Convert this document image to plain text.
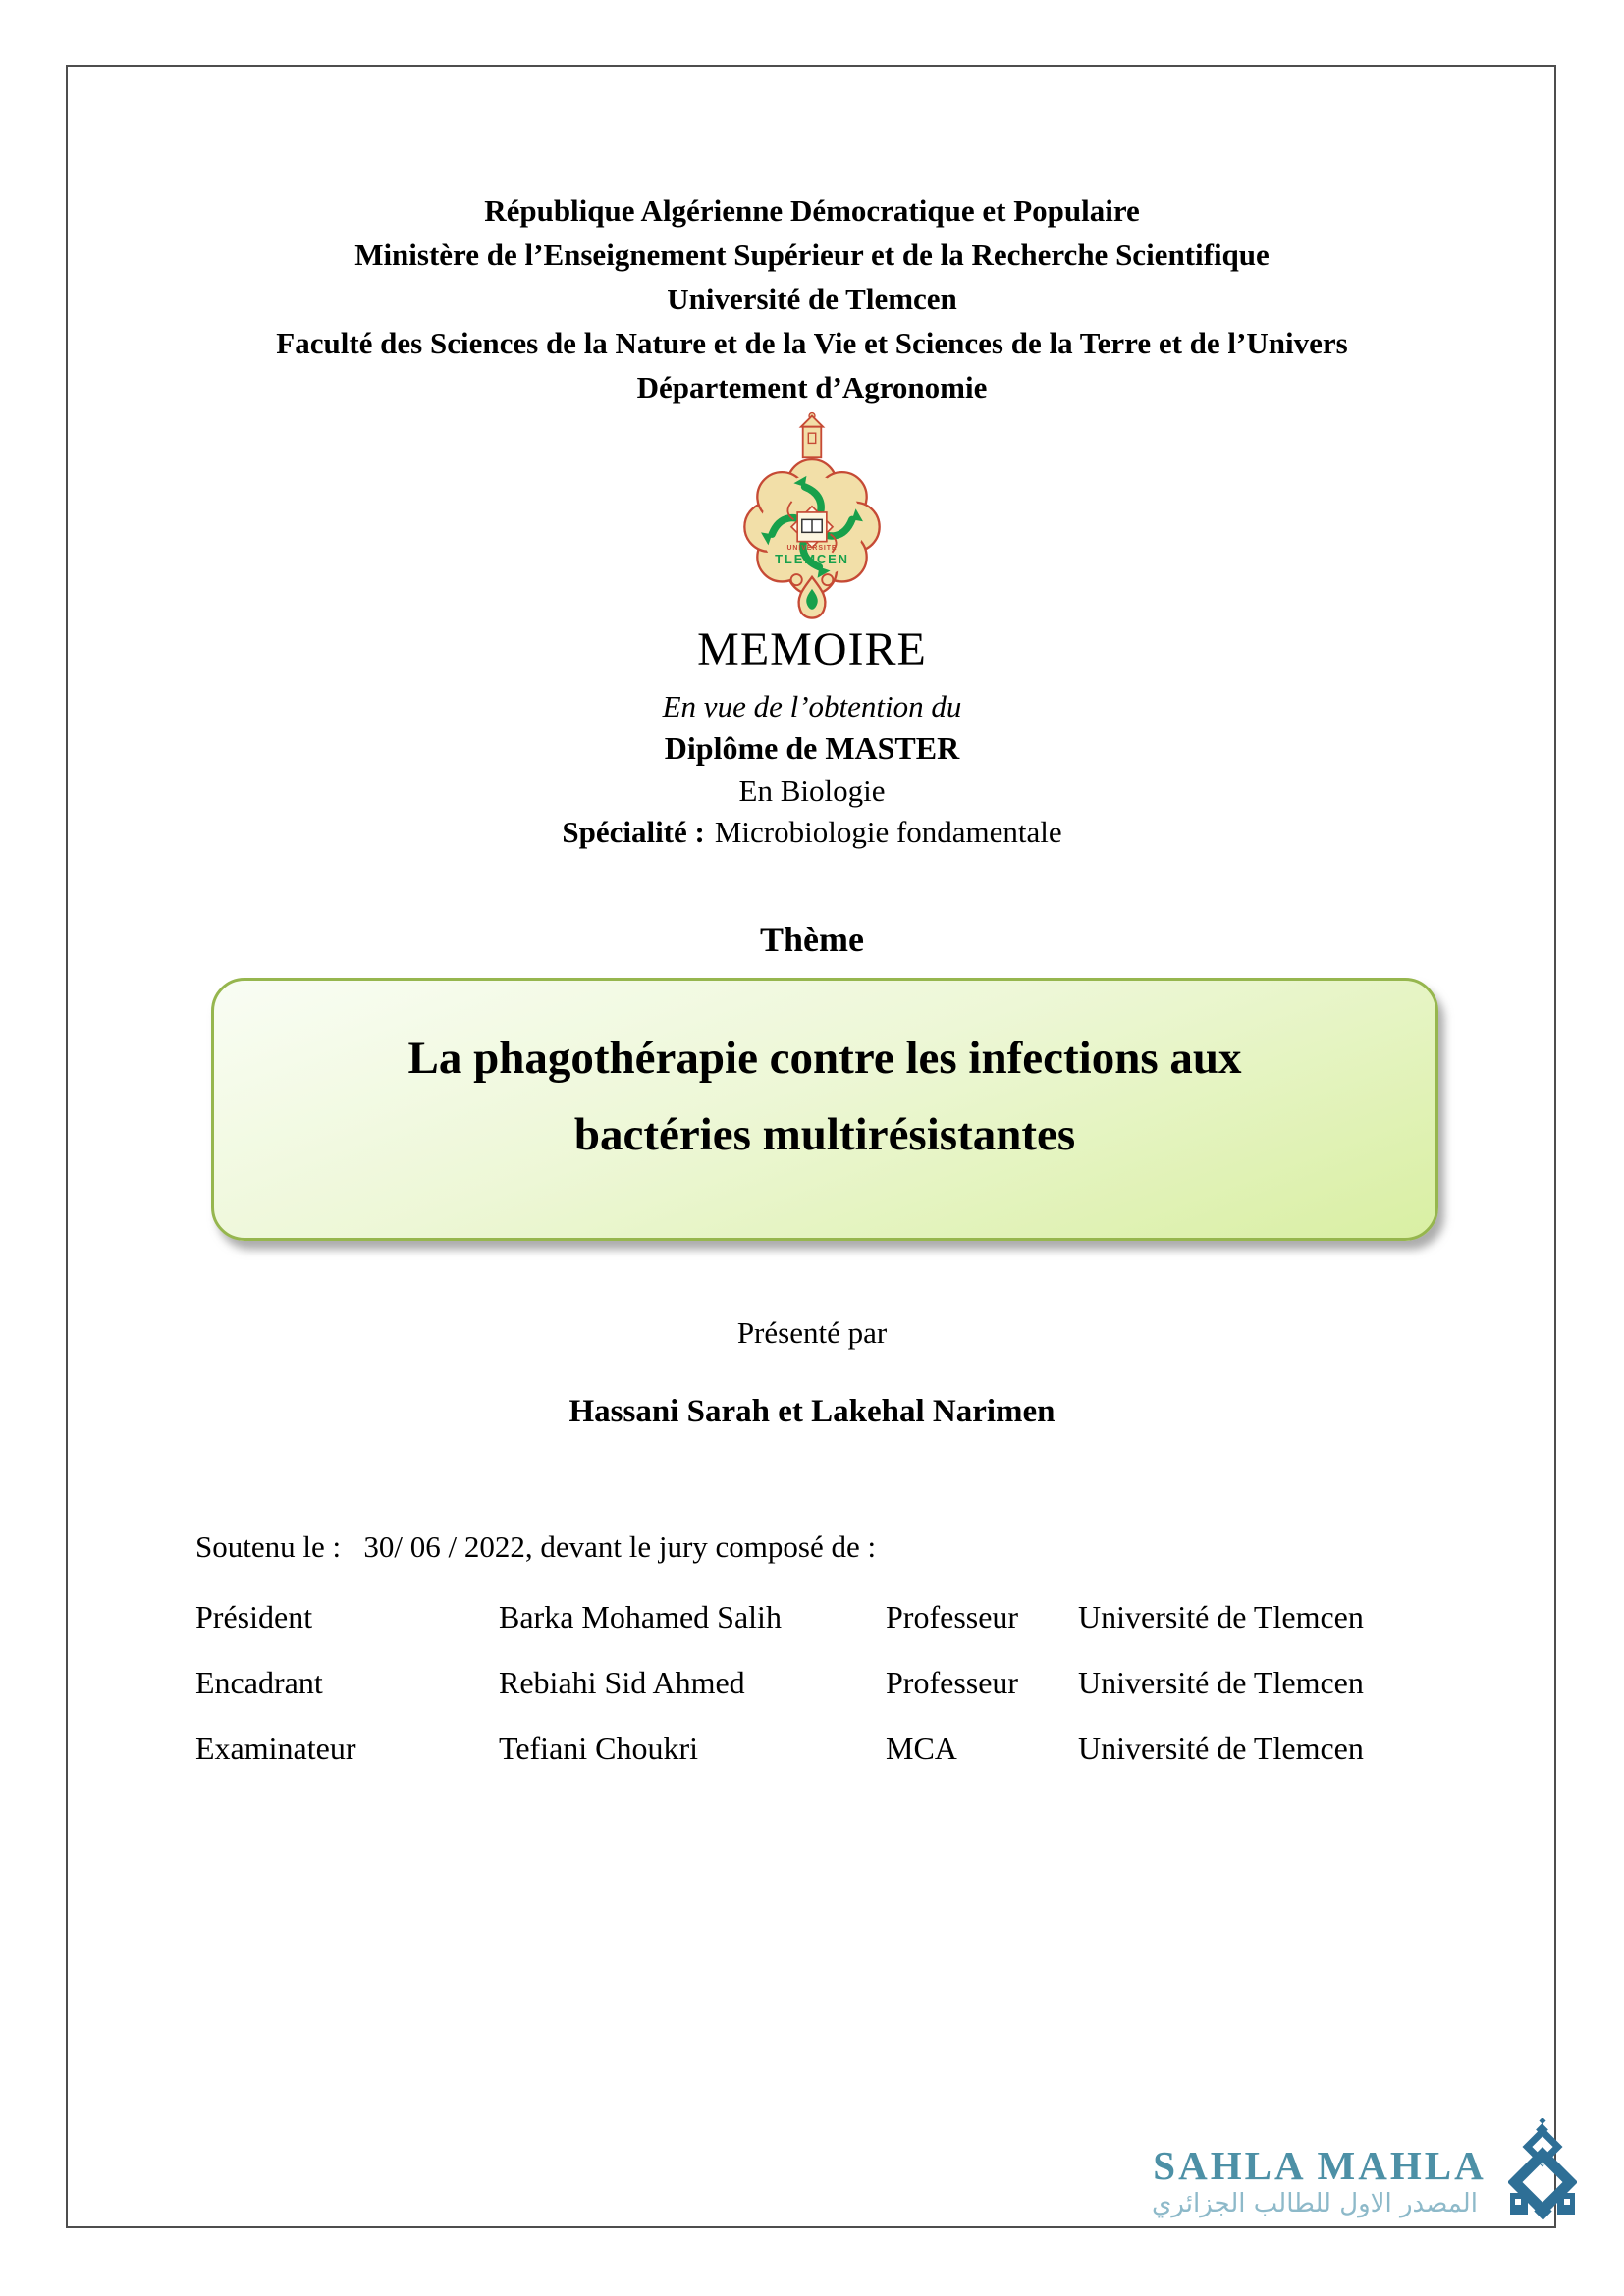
République Algérienne Démocratique et Populaire
Ministère de l’Enseignement Supérieur et de la Recherche Scientifique
Université de Tlemcen
Faculté des Sciences de la Nature et de la Vie et Sciences de la Terre et de l’Univers
Département d’Agronomie
UNIVERSITE
TLEMCEN
MEMOIRE
En vue de l’obtention du
Diplôme de MASTER
En Biologie
Spécialité : Microbiologie fondamentale
Thème
La phagothérapie contre les infections aux
bactéries multirésistantes
Présenté par
Hassani Sarah et Lakehal Narimen
Soutenu le :   30/ 06 / 2022, devant le jury composé de :
Président	Barka Mohamed Salih	Professeur Université de Tlemcen
Encadrant	Rebiahi Sid Ahmed	Professeur Université de Tlemcen
Examinateur	Tefiani Choukri	MCA	Université de Tlemcen
SAHLA MAHLA
المصدر الاول للطالب الجزائري
